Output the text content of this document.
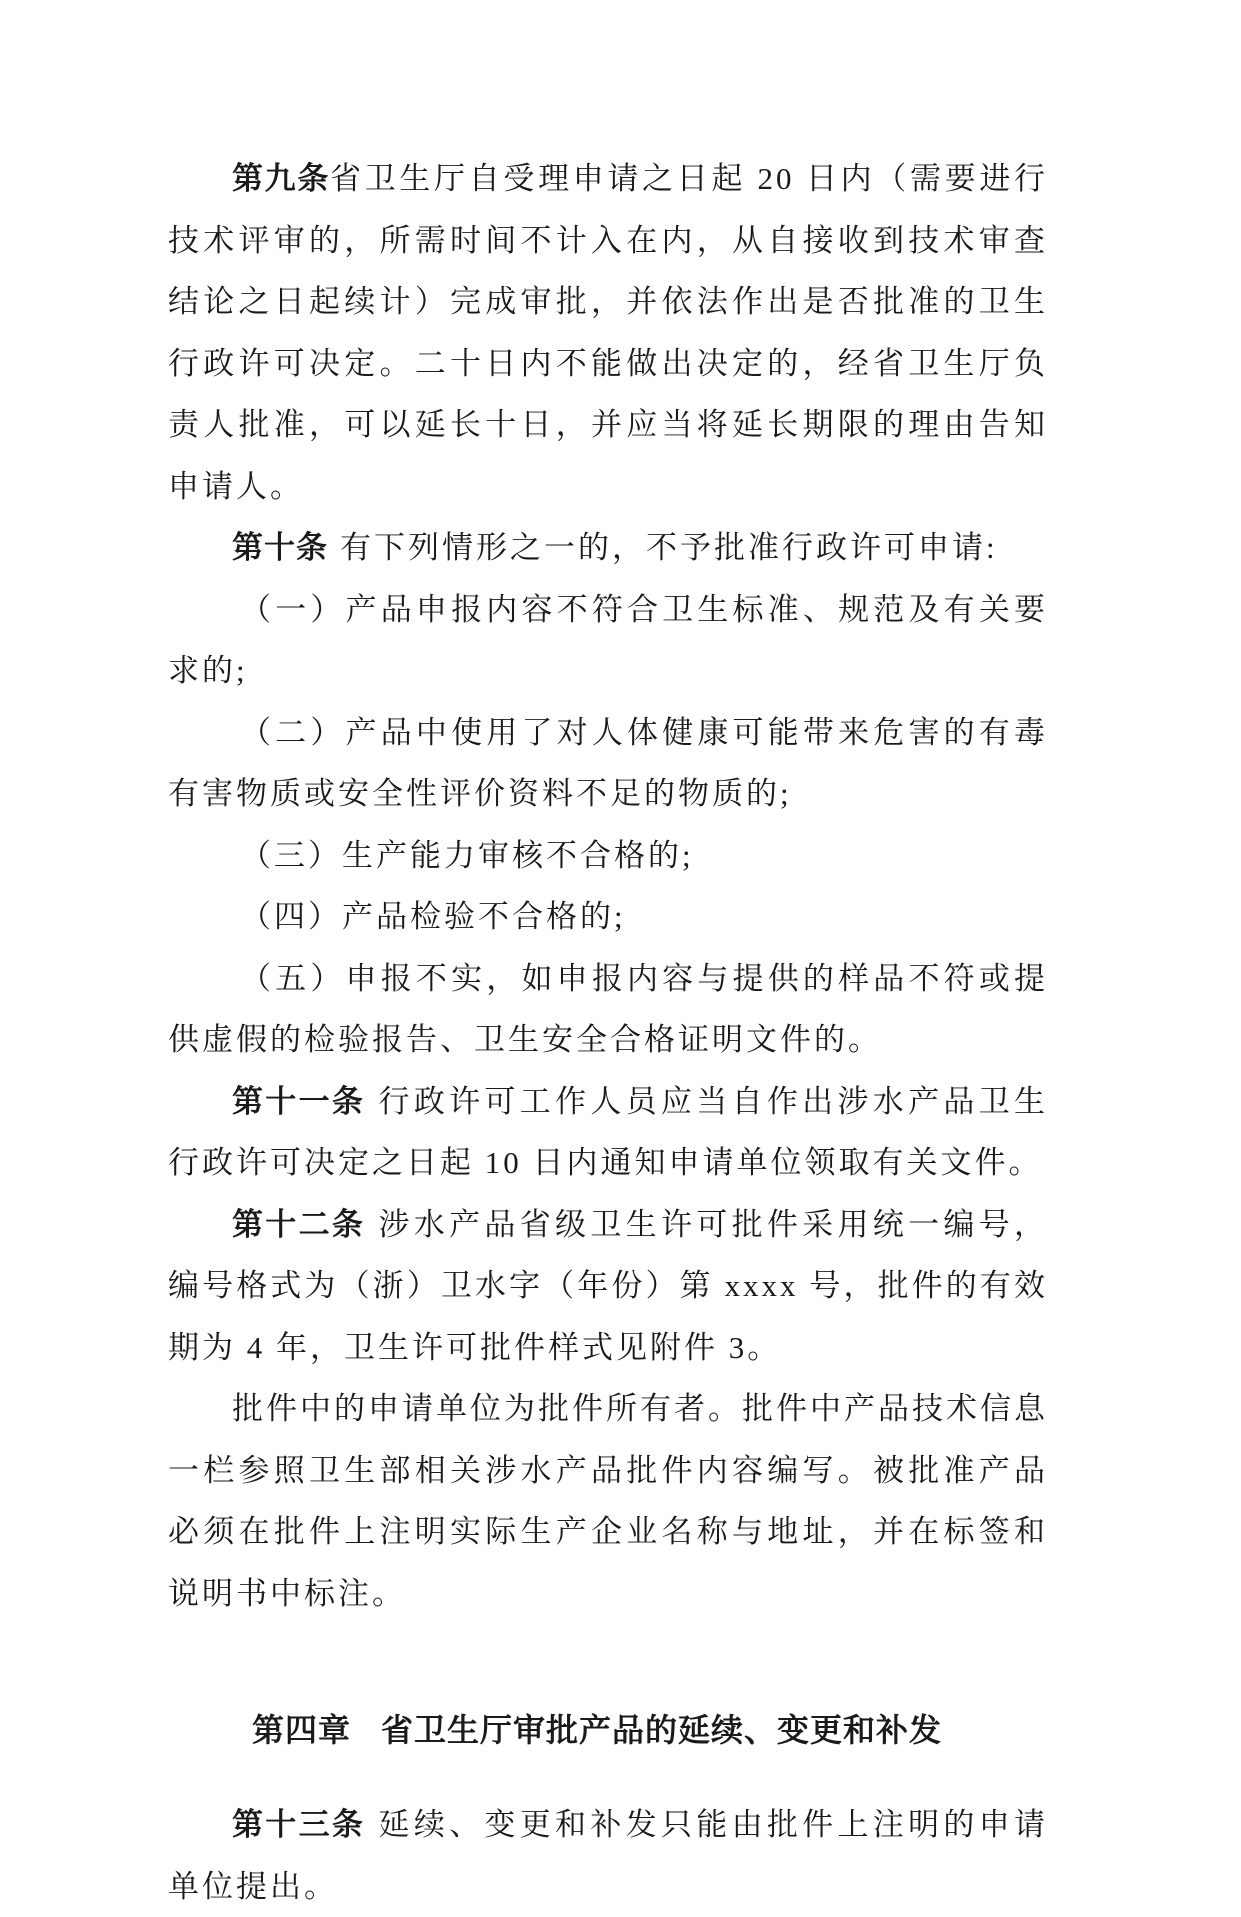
第九条省卫生厅自受理申请之日起 20 日内（需要进行技术评审的，所需时间不计入在内，从自接收到技术审查结论之日起续计）完成审批，并依法作出是否批准的卫生行政许可决定。二十日内不能做出决定的，经省卫生厅负责人批准，可以延长十日，并应当将延长期限的理由告知申请人。

第十条 有下列情形之一的，不予批准行政许可申请:

（一）产品申报内容不符合卫生标准、规范及有关要求的;

（二）产品中使用了对人体健康可能带来危害的有毒有害物质或安全性评价资料不足的物质的;

（三）生产能力审核不合格的;

（四）产品检验不合格的;

（五）申报不实，如申报内容与提供的样品不符或提供虚假的检验报告、卫生安全合格证明文件的。

第十一条 行政许可工作人员应当自作出涉水产品卫生行政许可决定之日起 10 日内通知申请单位领取有关文件。

第十二条 涉水产品省级卫生许可批件采用统一编号，编号格式为（浙）卫水字（年份）第 xxxx 号，批件的有效期为 4 年，卫生许可批件样式见附件 3。

批件中的申请单位为批件所有者。批件中产品技术信息一栏参照卫生部相关涉水产品批件内容编写。被批准产品必须在批件上注明实际生产企业名称与地址，并在标签和说明书中标注。

第四章 省卫生厅审批产品的延续、变更和补发

第十三条 延续、变更和补发只能由批件上注明的申请单位提出。
